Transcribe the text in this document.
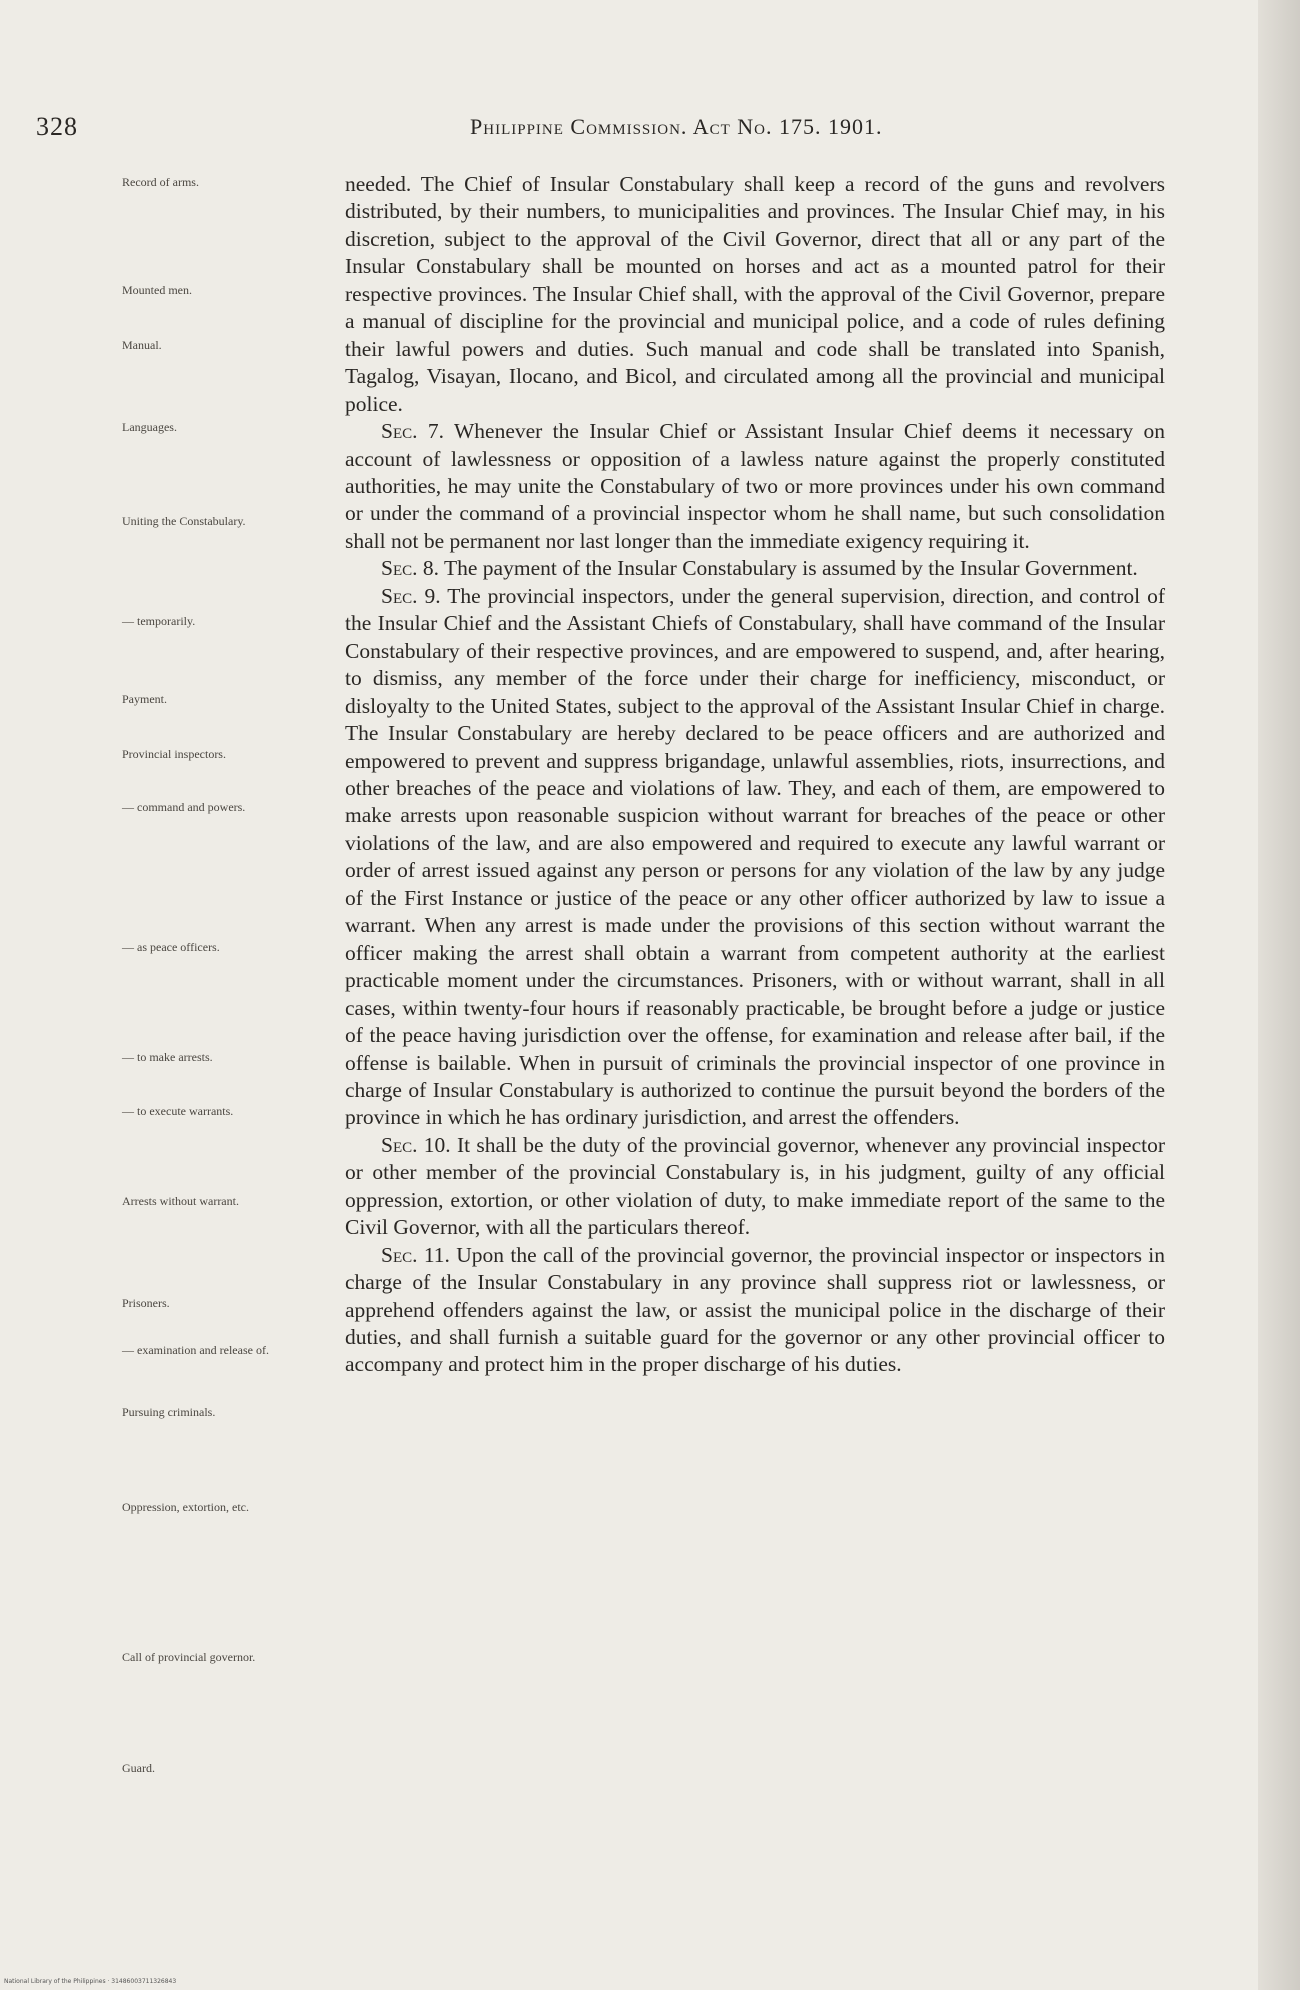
328	Philippine Commission. Act No. 175. 1901.
Record of arms.
Mounted men.
Manual.
Languages.
Uniting the Constabulary.
— temporarily.
Payment.
Provincial inspectors.
— command and powers.
— as peace officers.
— to make arrests.
— to execute warrants.
Arrests without warrant.
Prisoners.
— examination and release of.
Pursuing criminals.
Oppression, extortion, etc.
Call of provincial governor.
Guard.

needed. The Chief of Insular Constabulary shall keep a record of the guns and revolvers distributed, by their numbers, to municipalities and provinces. The Insular Chief may, in his discretion, subject to the approval of the Civil Governor, direct that all or any part of the Insular Constabulary shall be mounted on horses and act as a mounted patrol for their respective provinces. The Insular Chief shall, with the approval of the Civil Governor, prepare a manual of discipline for the provincial and municipal police, and a code of rules defining their lawful powers and duties. Such manual and code shall be translated into Spanish, Tagalog, Visayan, Ilocano, and Bicol, and circulated among all the provincial and municipal police.

Sec. 7. Whenever the Insular Chief or Assistant Insular Chief deems it necessary on account of lawlessness or opposition of a lawless nature against the properly constituted authorities, he may unite the Constabulary of two or more provinces under his own command or under the command of a provincial inspector whom he shall name, but such consolidation shall not be permanent nor last longer than the immediate exigency requiring it.

Sec. 8. The payment of the Insular Constabulary is assumed by the Insular Government.

Sec. 9. The provincial inspectors, under the general supervision, direction, and control of the Insular Chief and the Assistant Chiefs of Constabulary, shall have command of the Insular Constabulary of their respective provinces, and are empowered to suspend, and, after hearing, to dismiss, any member of the force under their charge for inefficiency, misconduct, or disloyalty to the United States, subject to the approval of the Assistant Insular Chief in charge. The Insular Constabulary are hereby declared to be peace officers and are authorized and empowered to prevent and suppress brigandage, unlawful assemblies, riots, insurrections, and other breaches of the peace and violations of law. They, and each of them, are empowered to make arrests upon reasonable suspicion without warrant for breaches of the peace or other violations of the law, and are also empowered and required to execute any lawful warrant or order of arrest issued against any person or persons for any violation of the law by any judge of the First Instance or justice of the peace or any other officer authorized by law to issue a warrant. When any arrest is made under the provisions of this section without warrant the officer making the arrest shall obtain a warrant from competent authority at the earliest practicable moment under the circumstances. Prisoners, with or without warrant, shall in all cases, within twenty-four hours if reasonably practicable, be brought before a judge or justice of the peace having jurisdiction over the offense, for examination and release after bail, if the offense is bailable. When in pursuit of criminals the provincial inspector of one province in charge of Insular Constabulary is authorized to continue the pursuit beyond the borders of the province in which he has ordinary jurisdiction, and arrest the offenders.

Sec. 10. It shall be the duty of the provincial governor, whenever any provincial inspector or other member of the provincial Constabulary is, in his judgment, guilty of any official oppression, extortion, or other violation of duty, to make immediate report of the same to the Civil Governor, with all the particulars thereof.

Sec. 11. Upon the call of the provincial governor, the provincial inspector or inspectors in charge of the Insular Constabulary in any province shall suppress riot or lawlessness, or apprehend offenders against the law, or assist the municipal police in the discharge of their duties, and shall furnish a suitable guard for the governor or any other provincial officer to accompany and protect him in the proper discharge of his duties.

National Library of the Philippines · 31486003711326843
